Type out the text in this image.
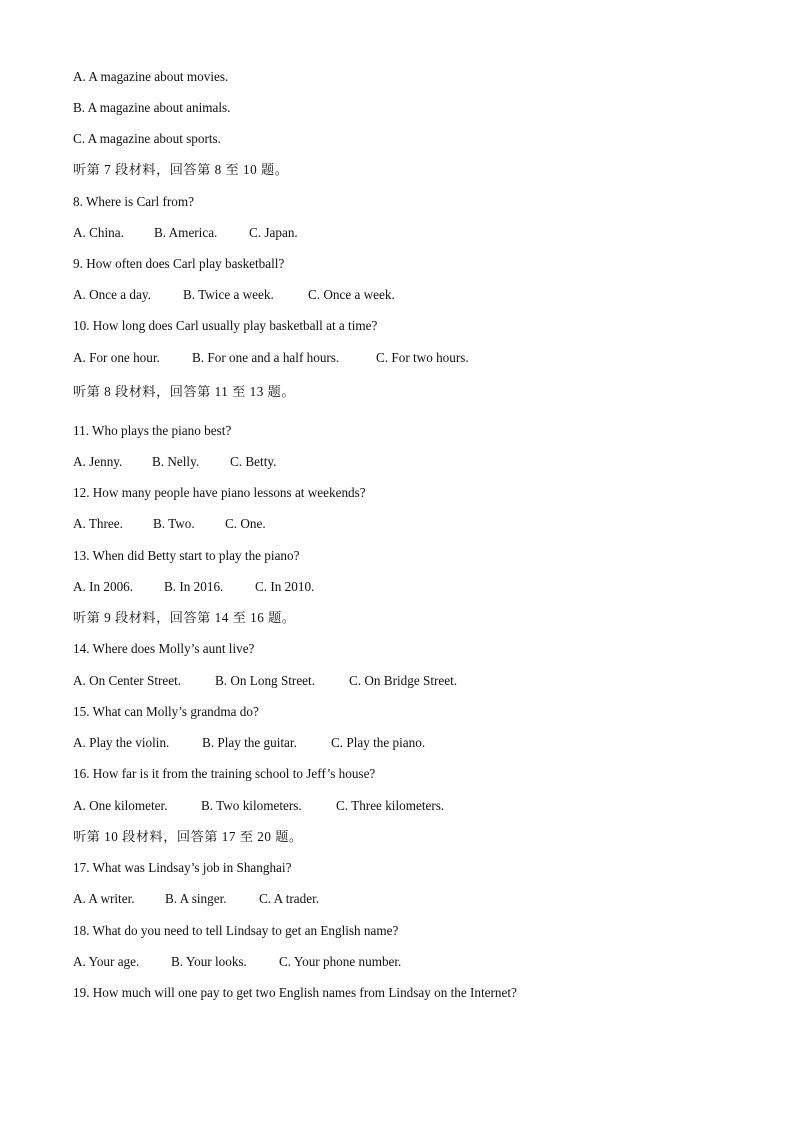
A. A magazine about movies.
B. A magazine about animals.
C. A magazine about sports.
听第 7 段材料，回答第 8 至 10 题。
8. Where is Carl from?
A. China. B. America. C. Japan.
9. How often does Carl play basketball?
A. Once a day. B. Twice a week.	C. Once a week.
10. How long does Carl usually play basketball at a time?
A. For one hour. B. For one and a half hours.	C. For two hours.
听第 8 段材料，回答第 11 至 13 题。
11. Who plays the piano best?
A. Jenny. B. Nelly. C. Betty.
12. How many people have piano lessons at weekends?
A. Three. B. Two. C. One.
13. When did Betty start to play the piano?
A. In 2006. B. In 2016. C. In 2010.
听第 9 段材料，回答第 14 至 16 题。
14. Where does Molly’s aunt live?
A. On Center Street.	B. On Long Street.	C. On Bridge Street.
15. What can Molly’s grandma do?
A. Play the violin. B. Play the guitar.	C. Play the piano.
16. How far is it from the training school to Jeff’s house?
A. One kilometer.	B. Two kilometers.	C. Three kilometers.
听第 10 段材料，回答第 17 至 20 题。
17. What was Lindsay’s job in Shanghai?
A. A writer. B. A singer. C. A trader.
18. What do you need to tell Lindsay to get an English name?
A. Your age. B. Your looks. C. Your phone number.
19. How much will one pay to get two English names from Lindsay on the Internet?
